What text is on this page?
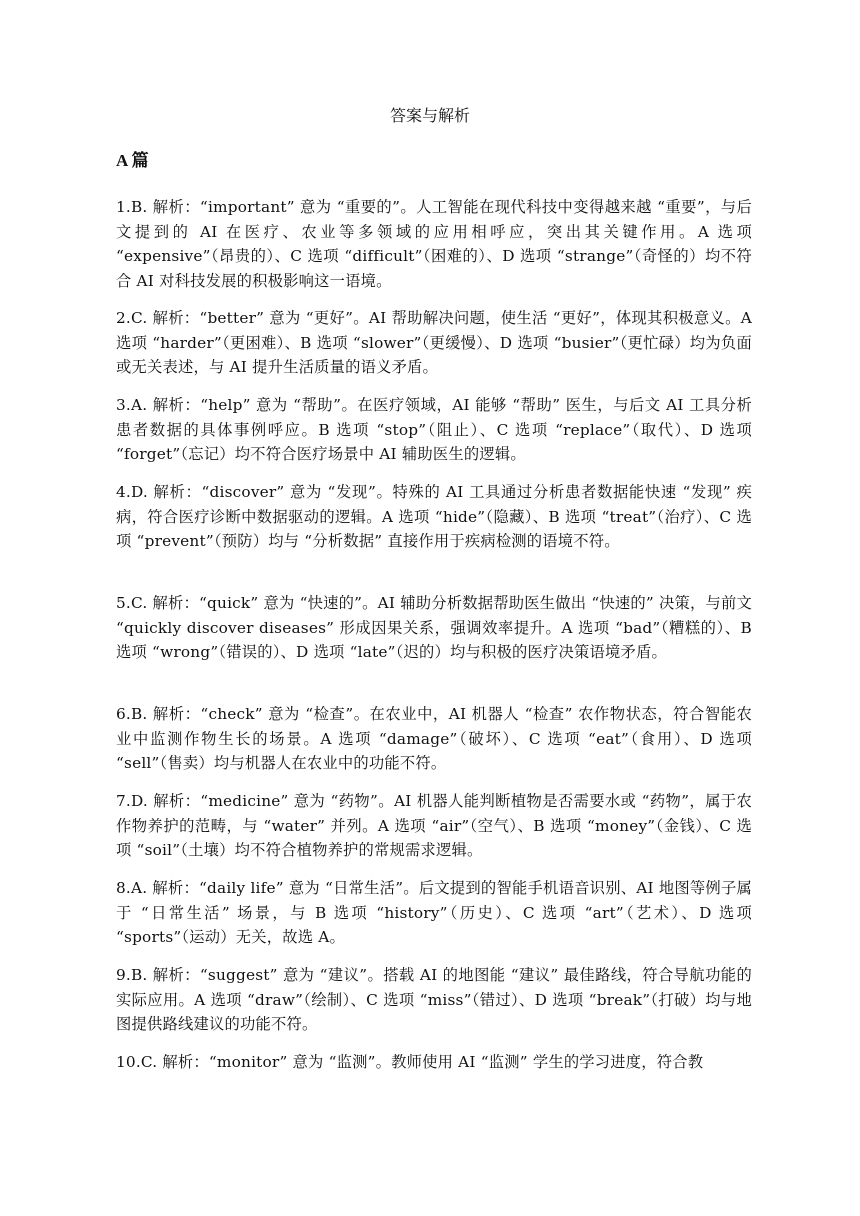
答案与解析
A 篇

1.B. 解析：“important” 意为 “重要的”。人工智能在现代科技中变得越来越 “重要”，与后文提到的 AI 在医疗、农业等多领域的应用相呼应，突出其关键作用。A 选项 “expensive”（昂贵的）、C 选项 “difficult”（困难的）、D 选项 “strange”（奇怪的）均不符合 AI 对科技发展的积极影响这一语境。

2.C. 解析：“better” 意为 “更好”。AI 帮助解决问题，使生活 “更好”，体现其积极意义。A 选项 “harder”（更困难）、B 选项 “slower”（更缓慢）、D 选项 “busier”（更忙碌）均为负面或无关表述，与 AI 提升生活质量的语义矛盾。

3.A. 解析：“help” 意为 “帮助”。在医疗领域，AI 能够 “帮助” 医生，与后文 AI 工具分析患者数据的具体事例呼应。B 选项 “stop”（阻止）、C 选项 “replace”（取代）、D 选项 “forget”（忘记）均不符合医疗场景中 AI 辅助医生的逻辑。

4.D. 解析：“discover” 意为 “发现”。特殊的 AI 工具通过分析患者数据能快速 “发现” 疾病，符合医疗诊断中数据驱动的逻辑。A 选项 “hide”（隐藏）、B 选项 “treat”（治疗）、C 选项 “prevent”（预防）均与 “分析数据” 直接作用于疾病检测的语境不符。

5.C. 解析：“quick” 意为 “快速的”。AI 辅助分析数据帮助医生做出 “快速的” 决策，与前文 “quickly discover diseases” 形成因果关系，强调效率提升。A 选项 “bad”（糟糕的）、B 选项 “wrong”（错误的）、D 选项 “late”（迟的）均与积极的医疗决策语境矛盾。

6.B. 解析：“check” 意为 “检查”。在农业中，AI 机器人 “检查” 农作物状态，符合智能农业中监测作物生长的场景。A 选项 “damage”（破坏）、C 选项 “eat”（食用）、D 选项 “sell”（售卖）均与机器人在农业中的功能不符。

7.D. 解析：“medicine” 意为 “药物”。AI 机器人能判断植物是否需要水或 “药物”，属于农作物养护的范畴，与 “water” 并列。A 选项 “air”（空气）、B 选项 “money”（金钱）、C 选项 “soil”（土壤）均不符合植物养护的常规需求逻辑。

8.A. 解析：“daily life” 意为 “日常生活”。后文提到的智能手机语音识别、AI 地图等例子属于 “日常生活” 场景，与 B 选项 “history”（历史）、C 选项 “art”（艺术）、D 选项 “sports”（运动）无关，故选 A。

9.B. 解析：“suggest” 意为 “建议”。搭载 AI 的地图能 “建议” 最佳路线，符合导航功能的实际应用。A 选项 “draw”（绘制）、C 选项 “miss”（错过）、D 选项 “break”（打破）均与地图提供路线建议的功能不符。

10.C. 解析：“monitor” 意为 “监测”。教师使用 AI “监测” 学生的学习进度，符合教
